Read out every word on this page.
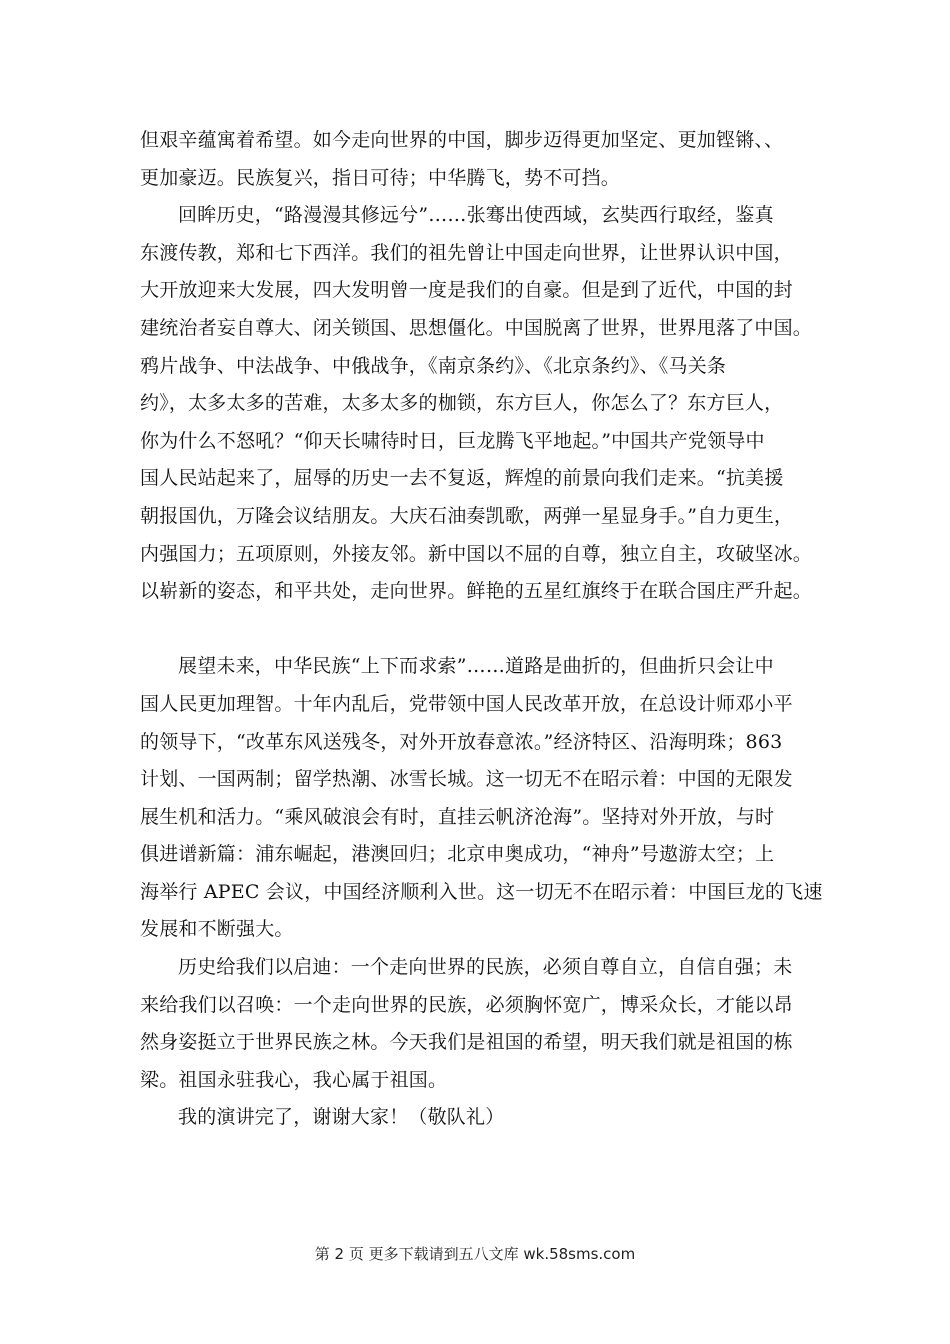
但艰辛蕴寓着希望。如今走向世界的中国，脚步迈得更加坚定、更加铿锵、、
更加豪迈。民族复兴，指日可待；中华腾飞，势不可挡。
回眸历史，“路漫漫其修远兮”……张骞出使西域，玄奘西行取经，鉴真
东渡传教，郑和七下西洋。我们的祖先曾让中国走向世界，让世界认识中国，
大开放迎来大发展，四大发明曾一度是我们的自豪。但是到了近代，中国的封
建统治者妄自尊大、闭关锁国、思想僵化。中国脱离了世界，世界甩落了中国。
鸦片战争、中法战争、中俄战争，《南京条约》、《北京条约》、《马关条
约》，太多太多的苦难，太多太多的枷锁，东方巨人，你怎么了？东方巨人，
你为什么不怒吼？“仰天长啸待时日，巨龙腾飞平地起。”中国共产党领导中
国人民站起来了，屈辱的历史一去不复返，辉煌的前景向我们走来。“抗美援
朝报国仇，万隆会议结朋友。大庆石油奏凯歌，两弹一星显身手。”自力更生，
内强国力；五项原则，外接友邻。新中国以不屈的自尊，独立自主，攻破坚冰。
以崭新的姿态，和平共处，走向世界。鲜艳的五星红旗终于在联合国庄严升起。
展望未来，中华民族“上下而求索”……道路是曲折的，但曲折只会让中
国人民更加理智。十年内乱后，党带领中国人民改革开放，在总设计师邓小平
的领导下，“改革东风送残冬，对外开放春意浓。”经济特区、沿海明珠；863
计划、一国两制；留学热潮、冰雪长城。这一切无不在昭示着：中国的无限发
展生机和活力。“乘风破浪会有时，直挂云帆济沧海”。坚持对外开放，与时
俱进谱新篇：浦东崛起，港澳回归；北京申奥成功，“神舟”号遨游太空；上
海举行 APEC 会议，中国经济顺利入世。这一切无不在昭示着：中国巨龙的飞速
发展和不断强大。
历史给我们以启迪：一个走向世界的民族，必须自尊自立，自信自强；未
来给我们以召唤：一个走向世界的民族，必须胸怀宽广，博采众长，才能以昂
然身姿挺立于世界民族之林。今天我们是祖国的希望，明天我们就是祖国的栋
梁。祖国永驻我心，我心属于祖国。
我的演讲完了，谢谢大家！（敬队礼）
第 2 页 更多下载请到五八文库 wk.58sms.com
